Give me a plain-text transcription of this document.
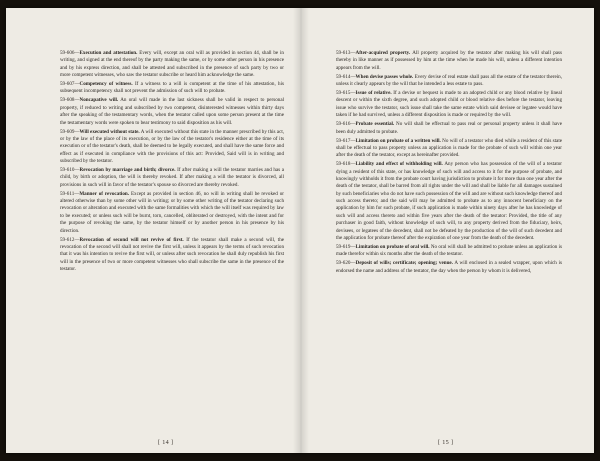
59-606—Execution and attestation. Every will, except an oral will as provided in section 44, shall be in writing, and signed at the end thereof by the party making the same, or by some other person in his presence and by his express direction, and shall be attested and subscribed in the presence of such party by two or more competent witnesses, who saw the testator subscribe or heard him acknowledge the same.

59-607—Competency of witness. If a witness to a will is competent at the time of his attestation, his subsequent incompetency shall not prevent the admission of such will to probate.

59-608—Noncapative will. An oral will made in the last sickness shall be valid in respect to personal property, if reduced to writing and subscribed by two competent, disinterested witnesses within thirty days after the speaking of the testamentary words, when the testator called upon some person present at the time the testamentary words were spoken to bear testimony to said disposition as his will.

59-609—Will executed without state. A will executed without this state in the manner prescribed by this act, or by the law of the place of its execution, or by the law of the testator's residence either at the time of its execution or of the testator's death, shall be deemed to be legally executed, and shall have the same force and effect as if executed in compliance with the provisions of this act: Provided, Said will is in writing and subscribed by the testator.

59-610—Revocation by marriage and birth; divorce. If after making a will the testator marries and has a child, by birth or adoption, the will is thereby revoked. If after making a will the testator is divorced, all provisions in such will in favor of the testator's spouse so divorced are thereby revoked.

59-611—Manner of revocation. Except as provided in section 46, no will in writing shall be revoked or altered otherwise than by some other will in writing; or by some other writing of the testator declaring such revocation or alteration and executed with the same formalities with which the will itself was required by law to be executed; or unless such will be burnt, torn, cancelled, obliterated or destroyed, with the intent and for the purpose of revoking the same, by the testator himself or by another person in his presence by his direction.

59-612—Revocation of second will not revive of first. If the testator shall make a second will, the revocation of the second will shall not revive the first will, unless it appears by the terms of such revocation that it was his intention to revive the first will, or unless after such revocation he shall duly republish his first will in the presence of two or more competent witnesses who shall subscribe the same in the presence of the testator.

59-613—After-acquired property. All property acquired by the testator after making his will shall pass thereby in like manner as if possessed by him at the time when he made his will, unless a different intention appears from the will.

59-614—When devise passes whole. Every devise of real estate shall pass all the estate of the testator therein, unless it clearly appears by the will that he intended a less estate to pass.

59-615—Issue of relative. If a devise or bequest is made to an adopted child or any blood relative by lineal descent or within the sixth degree, and such adopted child or blood relative dies before the testator, leaving issue who survive the testator, such issue shall take the same estate which said devisee or legatee would have taken if he had survived, unless a different disposition is made or required by the will.

59-616—Probate essential. No will shall be effectual to pass real or personal property unless it shall have been duly admitted to probate.

59-617—Limitation on probate of a written will. No will of a testator who died while a resident of this state shall be effectual to pass property unless an application is made for the probate of such will within one year after the death of the testator, except as hereinafter provided.

59-618—Liability and effect of withholding will. Any person who has possession of the will of a testator dying a resident of this state, or has knowledge of such will and access to it for the purpose of probate, and knowingly withholds it from the probate court having jurisdiction to probate it for more than one year after the death of the testator, shall be barred from all rights under the will and shall be liable for all damages sustained by such beneficiaries who do not have such possession of the will and are without such knowledge thereof and such access thereto; and the said will may be admitted to probate as to any innocent beneficiary on the application by him for such probate, if such application is made within ninety days after he has knowledge of such will and access thereto and within five years after the death of the testator: Provided, the title of any purchaser in good faith, without knowledge of such will, to any property derived from the fiduciary, heirs, devisees, or legatees of the decedent, shall not be defeated by the production of the will of such decedent and the application for probate thereof after the expiration of one year from the death of the decedent.

59-619—Limitation on probate of oral will. No oral will shall be admitted to probate unless an application is made therefor within six months after the death of the testator.

59-620—Deposit of wills; certificate; opening; venue. A will enclosed in a sealed wrapper, upon which is endorsed the name and address of the testator, the day when the person by whom it is delivered,

[ 14 ]	[ 15 ]
